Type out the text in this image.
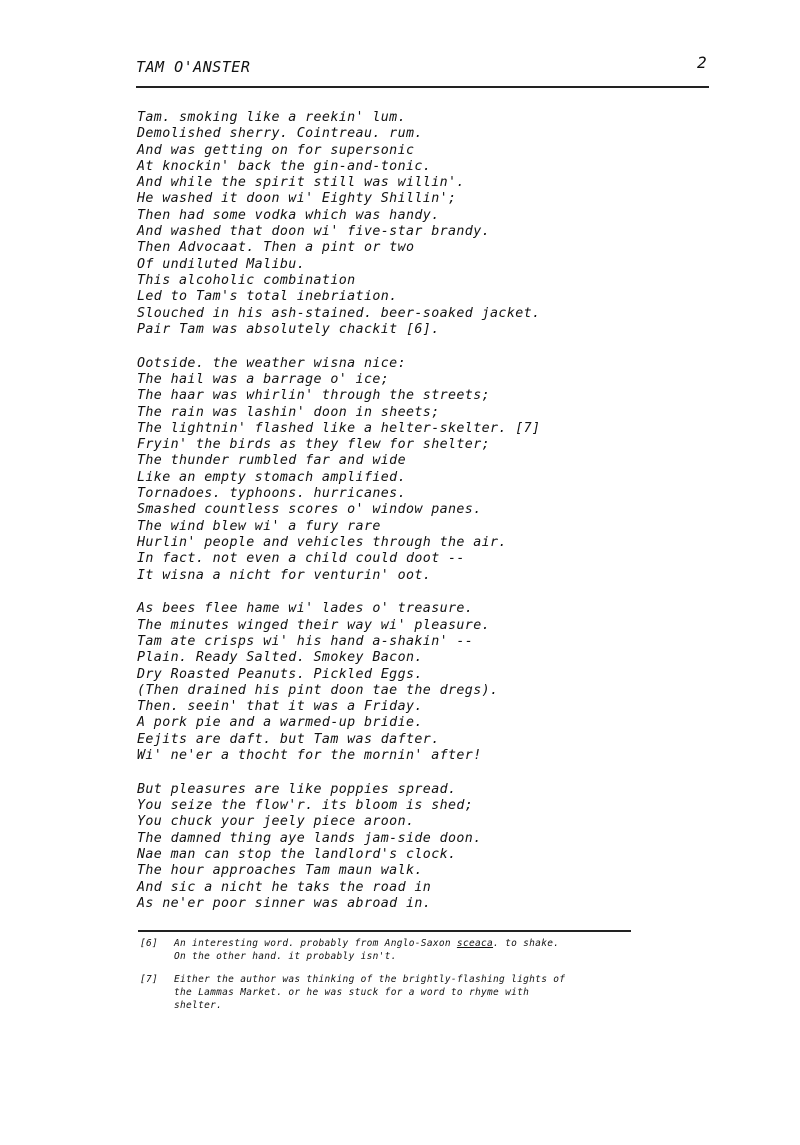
TAM O'ANSTER	2
Tam. smoking like a reekin' lum.
Demolished sherry. Cointreau. rum.
And was getting on for supersonic
At knockin' back the gin-and-tonic.
And while the spirit still was willin'.
He washed it doon wi' Eighty Shillin';
Then had some vodka which was handy.
And washed that doon wi' five-star brandy.
Then Advocaat. Then a pint or two
Of undiluted Malibu.
This alcoholic combination
Led to Tam's total inebriation.
Slouched in his ash-stained. beer-soaked jacket.
Pair Tam was absolutely chackit [6].
Ootside. the weather wisna nice:
The hail was a barrage o' ice;
The haar was whirlin' through the streets;
The rain was lashin' doon in sheets;
The lightnin' flashed like a helter-skelter. [7]
Fryin' the birds as they flew for shelter;
The thunder rumbled far and wide
Like an empty stomach amplified.
Tornadoes. typhoons. hurricanes.
Smashed countless scores o' window panes.
The wind blew wi' a fury rare
Hurlin' people and vehicles through the air.
In fact. not even a child could doot --
It wisna a nicht for venturin' oot.
As bees flee hame wi' lades o' treasure.
The minutes winged their way wi' pleasure.
Tam ate crisps wi' his hand a-shakin' --
Plain. Ready Salted. Smokey Bacon.
Dry Roasted Peanuts. Pickled Eggs.
(Then drained his pint doon tae the dregs).
Then. seein' that it was a Friday.
A pork pie and a warmed-up bridie.
Eejits are daft. but Tam was dafter.
Wi' ne'er a thocht for the mornin' after!
But pleasures are like poppies spread.
You seize the flow'r. its bloom is shed;
You chuck your jeely piece aroon.
The damned thing aye lands jam-side doon.
Nae man can stop the landlord's clock.
The hour approaches Tam maun walk.
And sic a nicht he taks the road in
As ne'er poor sinner was abroad in.
[6] An interesting word. probably from Anglo-Saxon sceaca. to shake.
On the other hand. it probably isn't.
[7] Either the author was thinking of the brightly-flashing lights of
the Lammas Market. or he was stuck for a word to rhyme with
shelter.
